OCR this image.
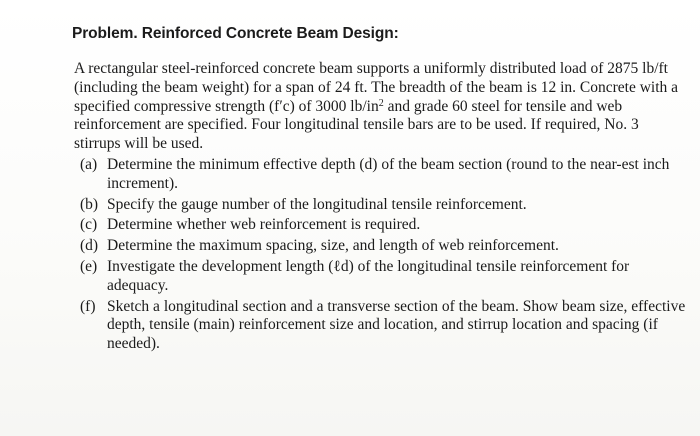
Problem. Reinforced Concrete Beam Design:

A rectangular steel-reinforced concrete beam supports a uniformly distributed load of 2875 lb/ft (including the beam weight) for a span of 24 ft. The breadth of the beam is 12 in. Concrete with a specified compressive strength (f′c) of 3000 $lb/in^2$ and grade 60 steel for tensile and web reinforcement are specified. Four longitudinal tensile bars are to be used. If required, No. 3 stirrups will be used.

(a) Determine the minimum effective depth (d) of the beam section (round to the near-est inch increment).
(b) Specify the gauge number of the longitudinal tensile reinforcement.
(c) Determine whether web reinforcement is required.
(d) Determine the maximum spacing, size, and length of web reinforcement.
(e) Investigate the development length (ℓd) of the longitudinal tensile reinforcement for adequacy.
(f) Sketch a longitudinal section and a transverse section of the beam. Show beam size, effective depth, tensile (main) reinforcement size and location, and stirrup location and spacing (if needed).
